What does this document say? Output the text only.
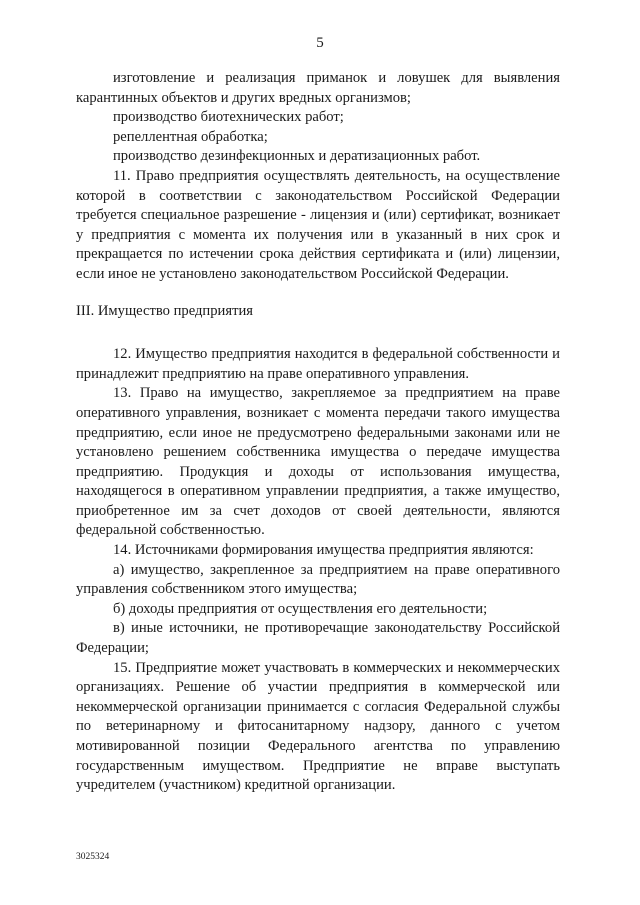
5

изготовление и реализация приманок и ловушек для выявления карантинных объектов и других вредных организмов;

производство биотехнических работ;

репеллентная обработка;

производство дезинфекционных и дератизационных работ.

11. Право предприятия осуществлять деятельность, на осуществление которой в соответствии с законодательством Российской Федерации требуется специальное разрешение - лицензия и (или) сертификат, возникает у предприятия с момента их получения или в указанный в них срок и прекращается по истечении срока действия сертификата и (или) лицензии, если иное не установлено законодательством Российской Федерации.

III. Имущество предприятия

12. Имущество предприятия находится в федеральной собственности и принадлежит предприятию на праве оперативного управления.

13. Право на имущество, закрепляемое за предприятием на праве оперативного управления, возникает с момента передачи такого имущества предприятию, если иное не предусмотрено федеральными законами или не установлено решением собственника имущества о передаче имущества предприятию. Продукция и доходы от использования имущества, находящегося в оперативном управлении предприятия, а также имущество, приобретенное им за счет доходов от своей деятельности, являются федеральной собственностью.

14. Источниками формирования имущества предприятия являются:

а) имущество, закрепленное за предприятием на праве оперативного управления собственником этого имущества;

б) доходы предприятия от осуществления его деятельности;

в) иные источники, не противоречащие законодательству Российской Федерации;

15. Предприятие может участвовать в коммерческих и некоммерческих организациях. Решение об участии предприятия в коммерческой или некоммерческой организации принимается с согласия Федеральной службы по ветеринарному и фитосанитарному надзору, данного с учетом мотивированной позиции Федерального агентства по управлению государственным имуществом. Предприятие не вправе выступать учредителем (участником) кредитной организации.

3025324
